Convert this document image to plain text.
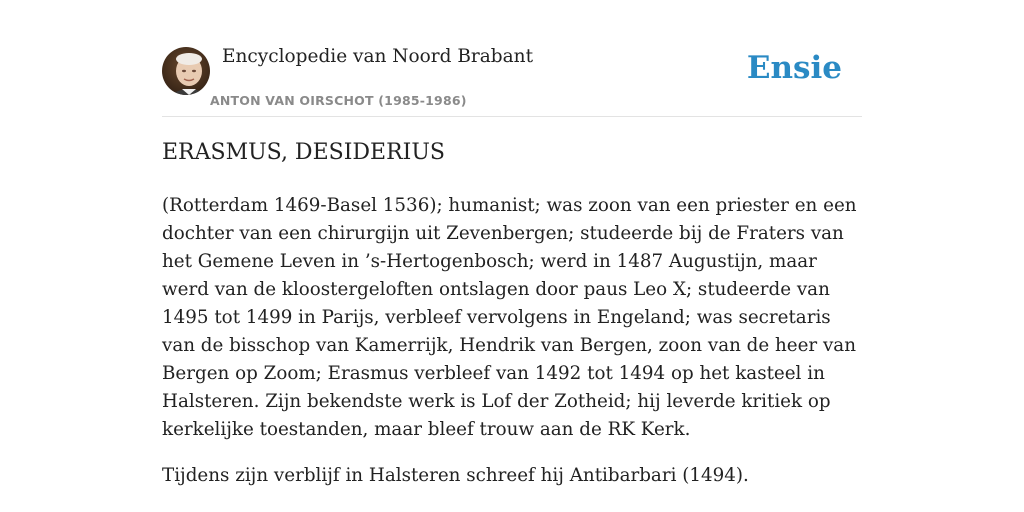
Encyclopedie van Noord Brabant
ANTON VAN OIRSCHOT (1985-1986)
Ensie
ERASMUS, DESIDERIUS

(Rotterdam 1469-Basel 1536); humanist; was zoon van een priester en een dochter van een chirurgijn uit Zevenbergen; studeerde bij de Fraters van het Gemene Leven in ’s-Hertogenbosch; werd in 1487 Augustijn, maar werd van de kloostergeloften ontslagen door paus Leo X; studeerde van 1495 tot 1499 in Parijs, verbleef vervolgens in Engeland; was secretaris van de bisschop van Kamerrijk, Hendrik van Bergen, zoon van de heer van Bergen op Zoom; Erasmus verbleef van 1492 tot 1494 op het kasteel in Halsteren. Zijn bekendste werk is Lof der Zotheid; hij leverde kritiek op kerkelijke toestanden, maar bleef trouw aan de RK Kerk.

Tijdens zijn verblijf in Halsteren schreef hij Antibarbari (1494).
